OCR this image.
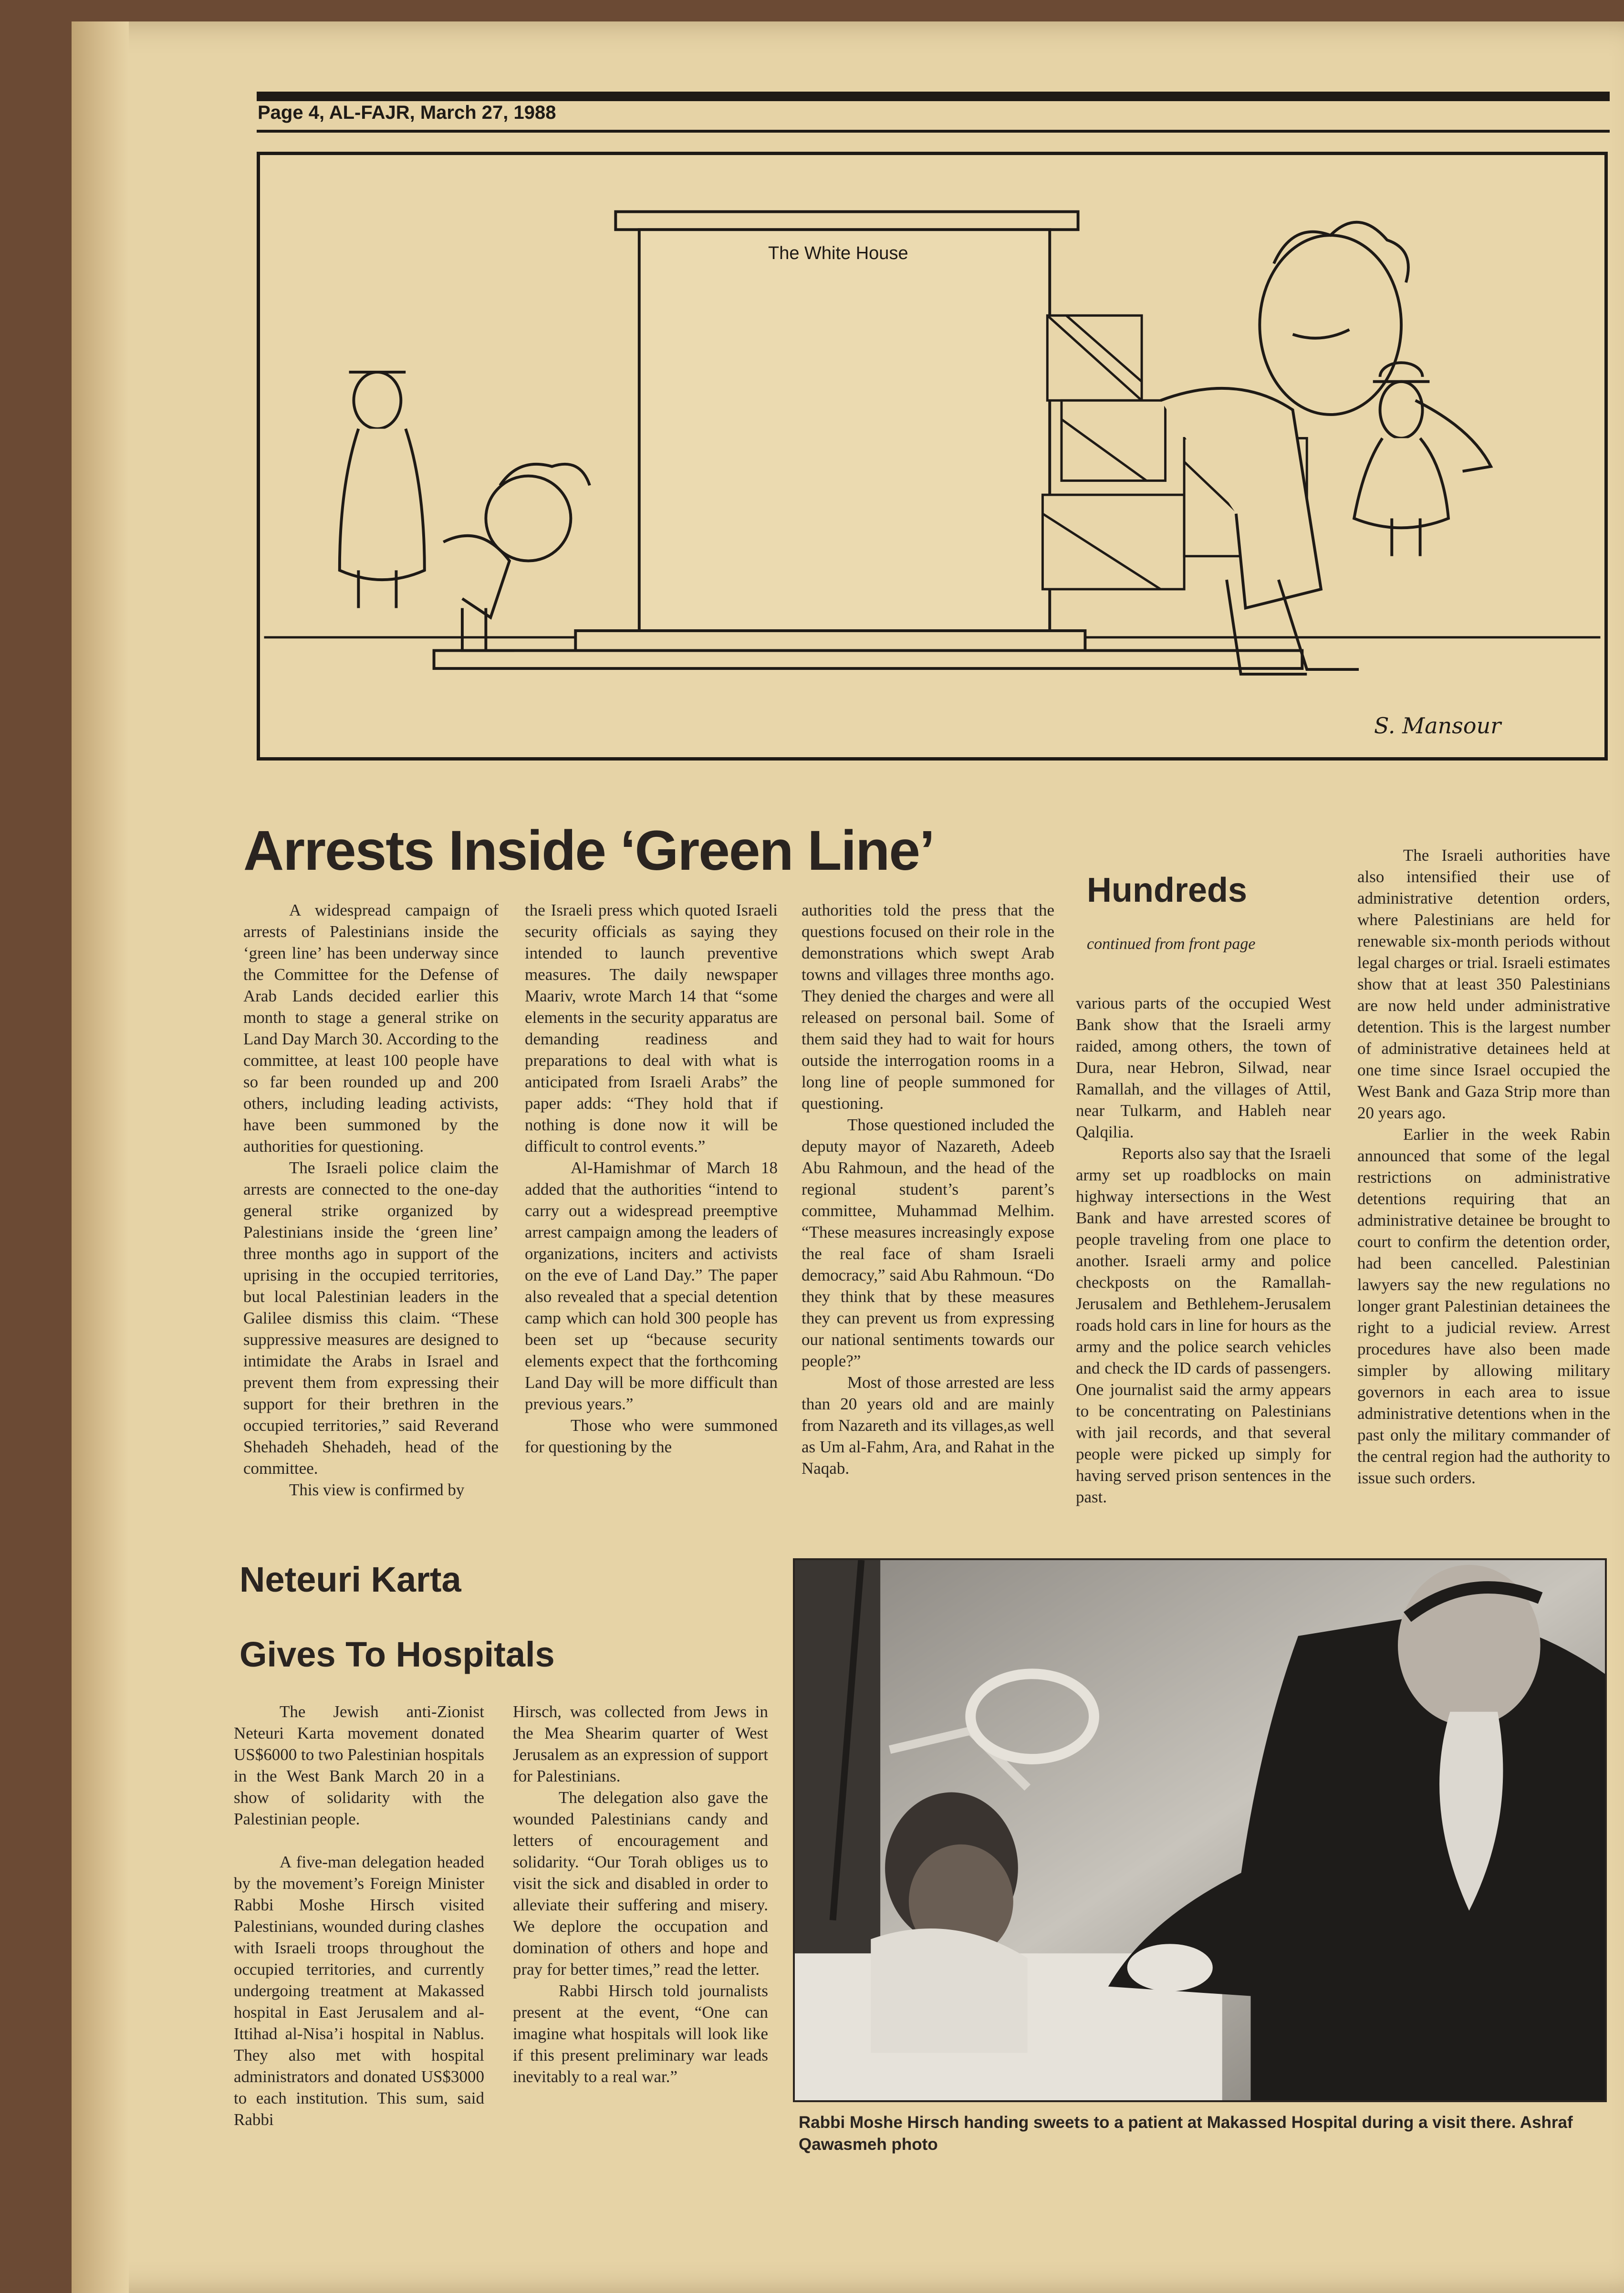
Page 4, AL-FAJR, March 27, 1988
The White House
S. Mansour
Arrests Inside ‘Green Line’

A widespread campaign of arrests of Palestinians inside the ‘green line’ has been underway since the Committee for the Defense of Arab Lands decided earlier this month to stage a general strike on Land Day March 30. According to the committee, at least 100 people have so far been rounded up and 200 others, including leading activists, have been summoned by the authorities for questioning.

The Israeli police claim the arrests are connected to the one-day general strike organized by Palestinians inside the ‘green line’ three months ago in support of the uprising in the occupied territories, but local Palestinian leaders in the Galilee dismiss this claim. “These suppressive measures are designed to intimidate the Arabs in Israel and prevent them from expressing their support for their brethren in the occupied territories,” said Reverand Shehadeh Shehadeh, head of the committee.

This view is confirmed by

the Israeli press which quoted Israeli security officials as saying they intended to launch preventive measures. The daily newspaper Maariv, wrote March 14 that “some elements in the security apparatus are demanding readiness and preparations to deal with what is anticipated from Israeli Arabs” the paper adds: “They hold that if nothing is done now it will be difficult to control events.”

Al-Hamishmar of March 18 added that the authorities “intend to carry out a widespread preemptive arrest campaign among the leaders of organizations, inciters and activists on the eve of Land Day.” The paper also revealed that a special detention camp which can hold 300 people has been set up “because security elements expect that the forthcoming Land Day will be more difficult than previous years.”

Those who were summoned for questioning by the

authorities told the press that the questions focused on their role in the demonstrations which swept Arab towns and villages three months ago. They denied the charges and were all released on personal bail. Some of them said they had to wait for hours outside the interrogation rooms in a long line of people summoned for questioning.

Those questioned included the deputy mayor of Nazareth, Adeeb Abu Rahmoun, and the head of the regional student’s parent’s committee, Muhammad Melhim. “These measures increasingly expose the real face of sham Israeli democracy,” said Abu Rahmoun. “Do they think that by these measures they can prevent us from expressing our national sentiments towards our people?”

Most of those arrested are less than 20 years old and are mainly from Nazareth and its villages,as well as Um al-Fahm, Ara, and Rahat in the Naqab.

Hundreds
continued from front page

various parts of the occupied West Bank show that the Israeli army raided, among others, the town of Dura, near Hebron, Silwad, near Ramallah, and the villages of Attil, near Tulkarm, and Hableh near Qalqilia.

Reports also say that the Israeli army set up roadblocks on main highway intersections in the West Bank and have arrested scores of people traveling from one place to another. Israeli army and police checkposts on the Ramallah-Jerusalem and Bethlehem-Jerusalem roads hold cars in line for hours as the army and the police search vehicles and check the ID cards of passengers. One journalist said the army appears to be concentrating on Palestinians with jail records, and that several people were picked up simply for having served prison sentences in the past.

The Israeli authorities have also intensified their use of administrative detention orders, where Palestinians are held for renewable six-month periods without legal charges or trial. Israeli estimates show that at least 350 Palestinians are now held under administrative detention. This is the largest number of administrative detainees held at one time since Israel occupied the West Bank and Gaza Strip more than 20 years ago.

Earlier in the week Rabin announced that some of the legal restrictions on administrative detentions requiring that an administrative detainee be brought to court to confirm the detention order, had been cancelled. Palestinian lawyers say the new regulations no longer grant Palestinian detainees the right to a judicial review. Arrest procedures have also been made simpler by allowing military governors in each area to issue administrative detentions when in the past only the military commander of the central region had the authority to issue such orders.

Neteuri Karta
Gives To Hospitals

The Jewish anti-Zionist Neteuri Karta movement donated US$6000 to two Palestinian hospitals in the West Bank March 20 in a show of solidarity with the Palestinian people.

A five-man delegation headed by the movement’s Foreign Minister Rabbi Moshe Hirsch visited Palestinians, wounded during clashes with Israeli troops throughout the occupied territories, and currently undergoing treatment at Makassed hospital in East Jerusalem and al-Ittihad al-Nisa’i hospital in Nablus. They also met with hospital administrators and donated US$3000 to each institution. This sum, said Rabbi

Hirsch, was collected from Jews in the Mea Shearim quarter of West Jerusalem as an expression of support for Palestinians.

The delegation also gave the wounded Palestinians candy and letters of encouragement and solidarity. “Our Torah obliges us to visit the sick and disabled in order to alleviate their suffering and misery. We deplore the occupation and domination of others and hope and pray for better times,” read the letter.

Rabbi Hirsch told journalists present at the event, “One can imagine what hospitals will look like if this present preliminary war leads inevitably to a real war.”

Rabbi Moshe Hirsch handing sweets to a patient at Makassed Hospital during a visit there. Ashraf Qawasmeh photo
